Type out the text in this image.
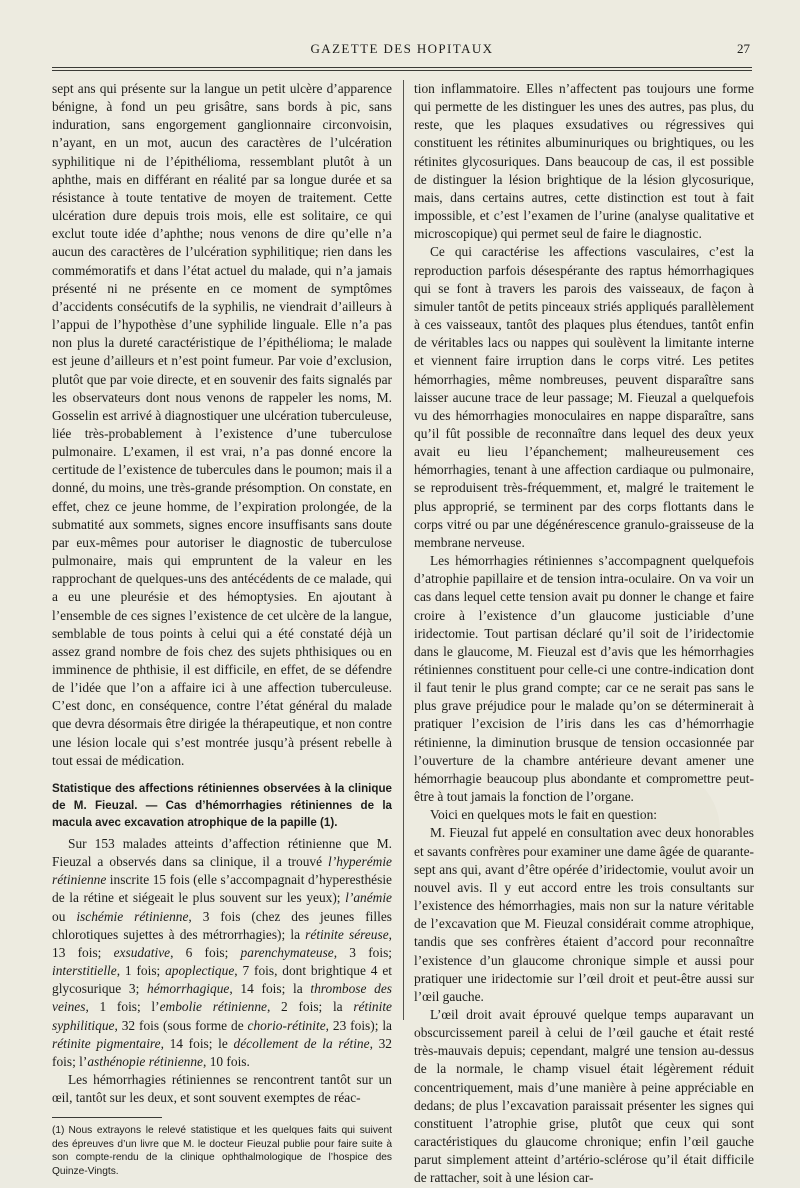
GAZETTE DES HOPITAUX	27

sept ans qui présente sur la langue un petit ulcère d’apparence bénigne, à fond un peu grisâtre, sans bords à pic, sans induration, sans engorgement ganglionnaire circonvoisin, n’ayant, en un mot, aucun des caractères de l’ulcération syphilitique ni de l’épithélioma, ressemblant plutôt à un aphthe, mais en différant en réalité par sa longue durée et sa résistance à toute tentative de moyen de traitement. Cette ulcération dure depuis trois mois, elle est solitaire, ce qui exclut toute idée d’aphthe; nous venons de dire qu’elle n’a aucun des caractères de l’ulcération syphilitique; rien dans les commémoratifs et dans l’état actuel du malade, qui n’a jamais présenté ni ne présente en ce moment de symptômes d’accidents consécutifs de la syphilis, ne viendrait d’ailleurs à l’appui de l’hypothèse d’une syphilide linguale. Elle n’a pas non plus la dureté caractéristique de l’épithélioma; le malade est jeune d’ailleurs et n’est point fumeur. Par voie d’exclusion, plutôt que par voie directe, et en souvenir des faits signalés par les observateurs dont nous venons de rappeler les noms, M. Gosselin est arrivé à diagnostiquer une ulcération tuberculeuse, liée très-probablement à l’existence d’une tuberculose pulmonaire. L’examen, il est vrai, n’a pas donné encore la certitude de l’existence de tubercules dans le poumon; mais il a donné, du moins, une très-grande présomption. On constate, en effet, chez ce jeune homme, de l’expiration prolongée, de la submatité aux sommets, signes encore insuffisants sans doute par eux-mêmes pour autoriser le diagnostic de tuberculose pulmonaire, mais qui empruntent de la valeur en les rapprochant de quelques-uns des antécédents de ce malade, qui a eu une pleurésie et des hémoptysies. En ajoutant à l’ensemble de ces signes l’existence de cet ulcère de la langue, semblable de tous points à celui qui a été constaté déjà un assez grand nombre de fois chez des sujets phthisiques ou en imminence de phthisie, il est difficile, en effet, de se défendre de l’idée que l’on a affaire ici à une affection tuberculeuse. C’est donc, en conséquence, contre l’état général du malade que devra désormais être dirigée la thérapeutique, et non contre une lésion locale qui s’est montrée jusqu’à présent rebelle à tout essai de médication.

Statistique des affections rétiniennes observées à la clinique de M. Fieuzal. — Cas d’hémorrhagies rétiniennes de la macula avec excavation atrophique de la papille (1).

Sur 153 malades atteints d’affection rétinienne que M. Fieuzal a observés dans sa clinique, il a trouvé l’hyperémie rétinienne inscrite 15 fois (elle s’accompagnait d’hyperesthésie de la rétine et siégeait le plus souvent sur les yeux); l’anémie ou ischémie rétinienne, 3 fois (chez des jeunes filles chlorotiques sujettes à des métrorrhagies); la rétinite séreuse, 13 fois; exsudative, 6 fois; parenchymateuse, 3 fois; interstitielle, 1 fois; apoplectique, 7 fois, dont brightique 4 et glycosurique 3; hémorrhagique, 14 fois; la thrombose des veines, 1 fois; l’embolie rétinienne, 2 fois; la rétinite syphilitique, 32 fois (sous forme de chorio-rétinite, 23 fois); la rétinite pigmentaire, 14 fois; le décollement de la rétine, 32 fois; l’asthénopie rétinienne, 10 fois.

Les hémorrhagies rétiniennes se rencontrent tantôt sur un œil, tantôt sur les deux, et sont souvent exemptes de réac-

(1) Nous extrayons le relevé statistique et les quelques faits qui suivent des épreuves d’un livre que M. le docteur Fieuzal publie pour faire suite à son compte-rendu de la clinique ophthalmologique de l’hospice des Quinze-Vingts.

tion inflammatoire. Elles n’affectent pas toujours une forme qui permette de les distinguer les unes des autres, pas plus, du reste, que les plaques exsudatives ou régressives qui constituent les rétinites albuminuriques ou brightiques, ou les rétinites glycosuriques. Dans beaucoup de cas, il est possible de distinguer la lésion brightique de la lésion glycosurique, mais, dans certains autres, cette distinction est tout à fait impossible, et c’est l’examen de l’urine (analyse qualitative et microscopique) qui permet seul de faire le diagnostic.

Ce qui caractérise les affections vasculaires, c’est la reproduction parfois désespérante des raptus hémorrhagiques qui se font à travers les parois des vaisseaux, de façon à simuler tantôt de petits pinceaux striés appliqués parallèlement à ces vaisseaux, tantôt des plaques plus étendues, tantôt enfin de véritables lacs ou nappes qui soulèvent la limitante interne et viennent faire irruption dans le corps vitré. Les petites hémorrhagies, même nombreuses, peuvent disparaître sans laisser aucune trace de leur passage; M. Fieuzal a quelquefois vu des hémorrhagies monoculaires en nappe disparaître, sans qu’il fût possible de reconnaître dans lequel des deux yeux avait eu lieu l’épanchement; malheureusement ces hémorrhagies, tenant à une affection cardiaque ou pulmonaire, se reproduisent très-fréquemment, et, malgré le traitement le plus approprié, se terminent par des corps flottants dans le corps vitré ou par une dégénérescence granulo-graisseuse de la membrane nerveuse.

Les hémorrhagies rétiniennes s’accompagnent quelquefois d’atrophie papillaire et de tension intra-oculaire. On va voir un cas dans lequel cette tension avait pu donner le change et faire croire à l’existence d’un glaucome justiciable d’une iridectomie. Tout partisan déclaré qu’il soit de l’iridectomie dans le glaucome, M. Fieuzal est d’avis que les hémorrhagies rétiniennes constituent pour celle-ci une contre-indication dont il faut tenir le plus grand compte; car ce ne serait pas sans le plus grave préjudice pour le malade qu’on se déterminerait à pratiquer l’excision de l’iris dans les cas d’hémorrhagie rétinienne, la diminution brusque de tension occasionnée par l’ouverture de la chambre antérieure devant amener une hémorrhagie beaucoup plus abondante et compromettre peut-être à tout jamais la fonction de l’organe.

Voici en quelques mots le fait en question:

M. Fieuzal fut appelé en consultation avec deux honorables et savants confrères pour examiner une dame âgée de quarante-sept ans qui, avant d’être opérée d’iridectomie, voulut avoir un nouvel avis. Il y eut accord entre les trois consultants sur l’existence des hémorrhagies, mais non sur la nature véritable de l’excavation que M. Fieuzal considérait comme atrophique, tandis que ses confrères étaient d’accord pour reconnaître l’existence d’un glaucome chronique simple et aussi pour pratiquer une iridectomie sur l’œil droit et peut-être aussi sur l’œil gauche.

L’œil droit avait éprouvé quelque temps auparavant un obscurcissement pareil à celui de l’œil gauche et était resté très-mauvais depuis; cependant, malgré une tension au-dessus de la normale, le champ visuel était légèrement réduit concentriquement, mais d’une manière à peine appréciable en dedans; de plus l’excavation paraissait présenter les signes qui constituent l’atrophie grise, plutôt que ceux qui sont caractéristiques du glaucome chronique; enfin l’œil gauche parut simplement atteint d’artério-sclérose qu’il était difficile de rattacher, soit à une lésion car-
